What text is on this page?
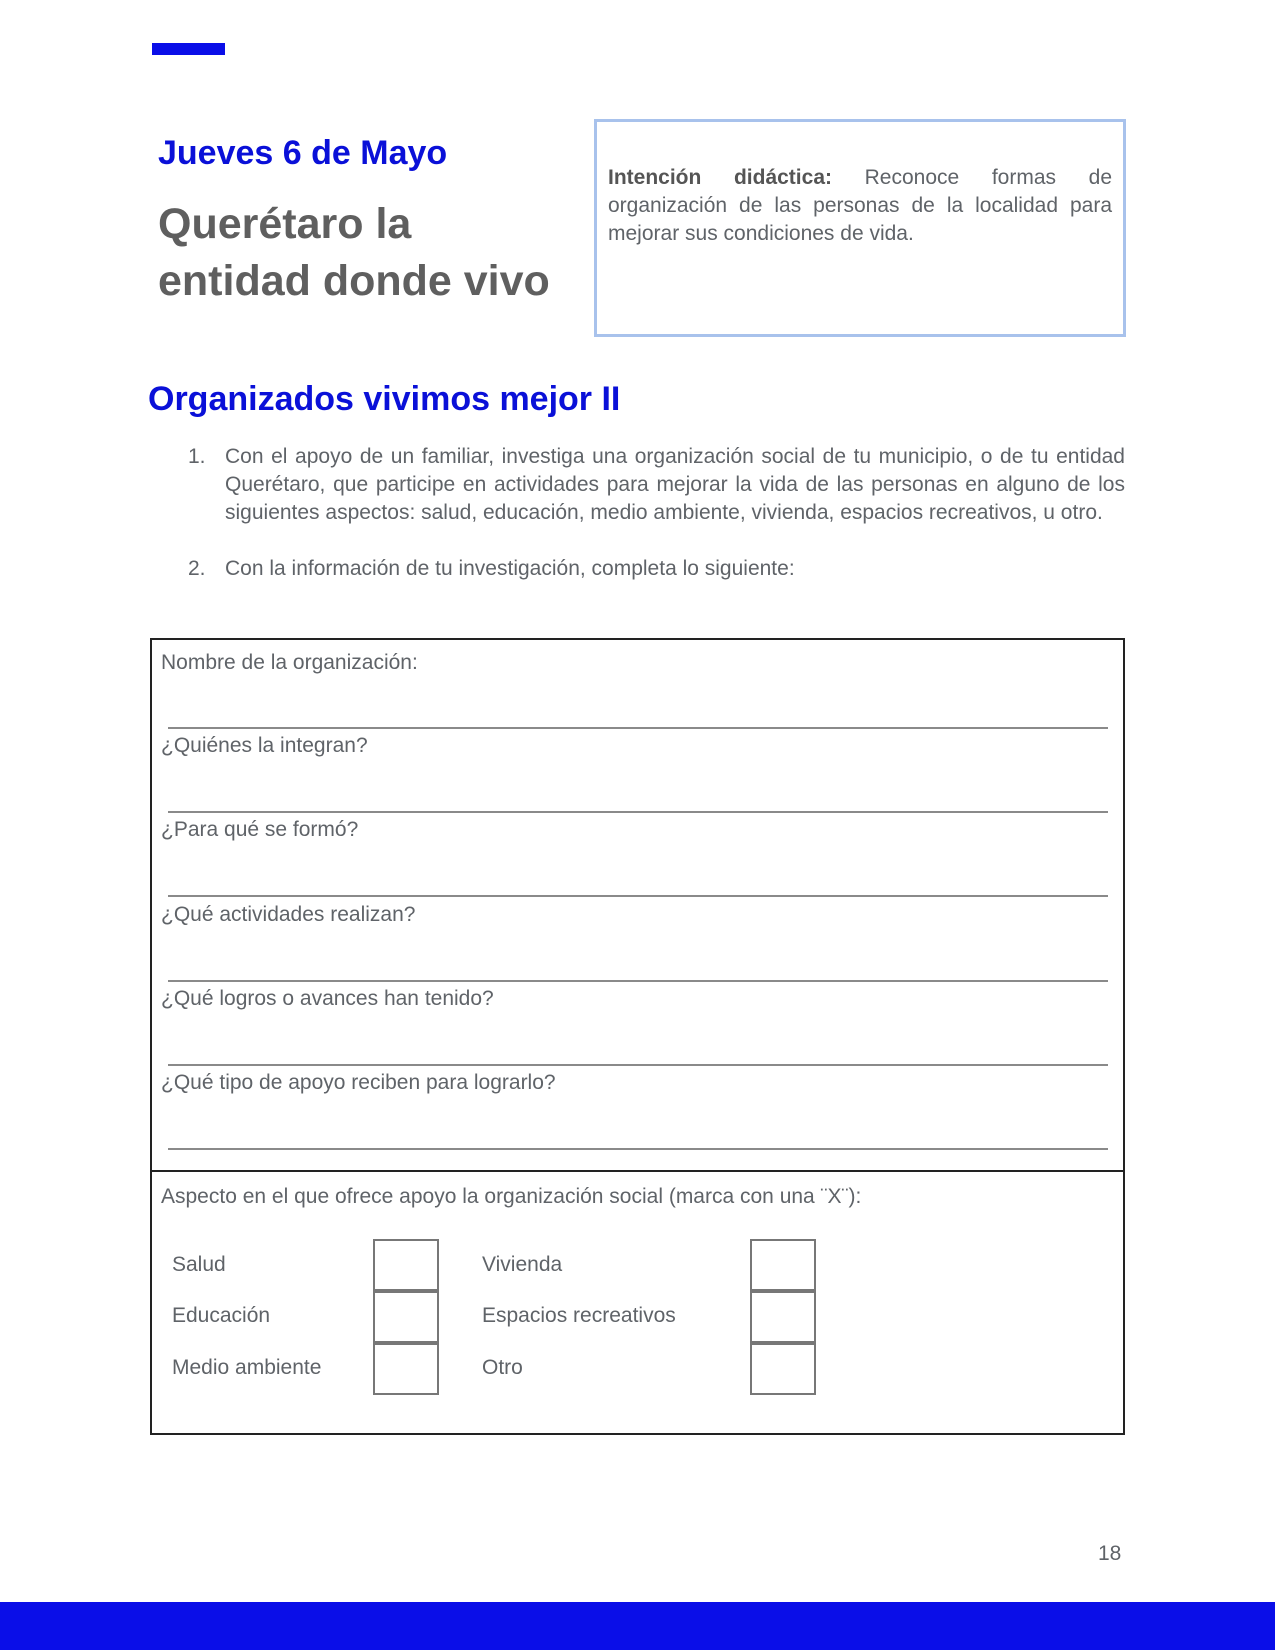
Jueves 6 de Mayo
Querétaro la entidad donde vivo

Intención didáctica: Reconoce formas de organización de las personas de la localidad para mejorar sus condiciones de vida.

Organizados vivimos mejor II
1. Con el apoyo de un familiar, investiga una organización social de tu municipio, o de tu entidad Querétaro, que participe en actividades para mejorar la vida de las personas en alguno de los siguientes aspectos: salud, educación, medio ambiente, vivienda, espacios recreativos, u otro.
2. Con la información de tu investigación, completa lo siguiente:

Nombre de la organización:

¿Quiénes la integran?

¿Para qué se formó?

¿Qué actividades realizan?

¿Qué logros o avances han tenido?

¿Qué tipo de apoyo reciben para lograrlo?

Aspecto en el que ofrece apoyo la organización social (marca con una ¨X¨):

Salud

Educación

Medio ambiente

Vivienda

Espacios recreativos

Otro

18
